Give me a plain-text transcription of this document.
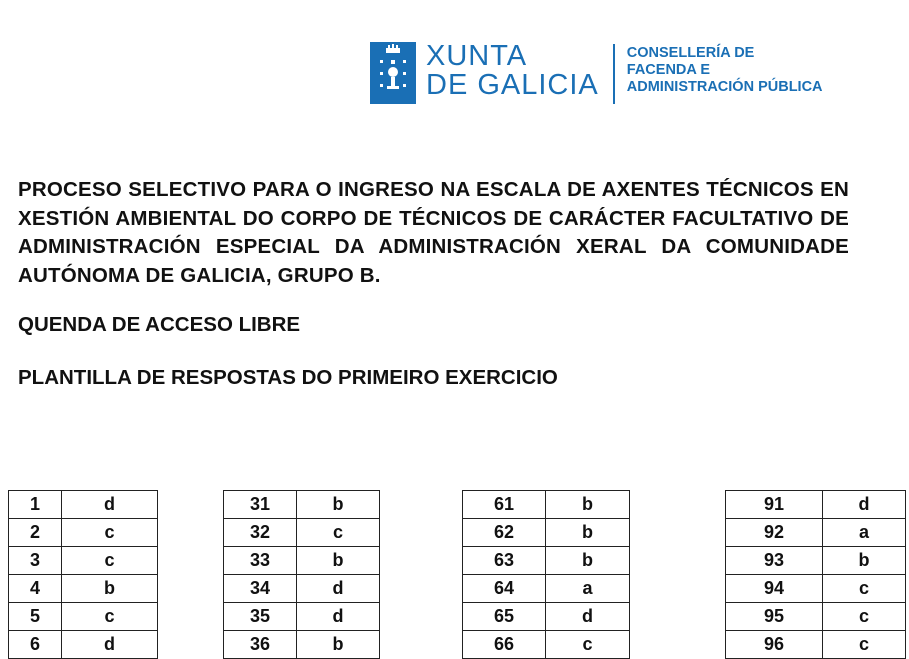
XUNTA
DE GALICIA
CONSELLERÍA DE
FACENDA E
ADMINISTRACIÓN PÚBLICA
PROCESO SELECTIVO PARA O INGRESO NA ESCALA DE AXENTES TÉCNICOS EN XESTIÓN AMBIENTAL DO CORPO DE TÉCNICOS DE CARÁCTER FACULTATIVO DE ADMINISTRACIÓN ESPECIAL DA ADMINISTRACIÓN XERAL DA COMUNIDADE AUTÓNOMA DE GALICIA, GRUPO B.
QUENDA DE ACCESO LIBRE
PLANTILLA DE RESPOSTAS DO PRIMEIRO EXERCICIO
1	d
2	c
3	c
4	b
5	c
6	d
31	b
32	c
33	b
34	d
35	d
36	b
61	b
62	b
63	b
64	a
65	d
66	c
91	d
92	a
93	b
94	c
95	c
96	c
